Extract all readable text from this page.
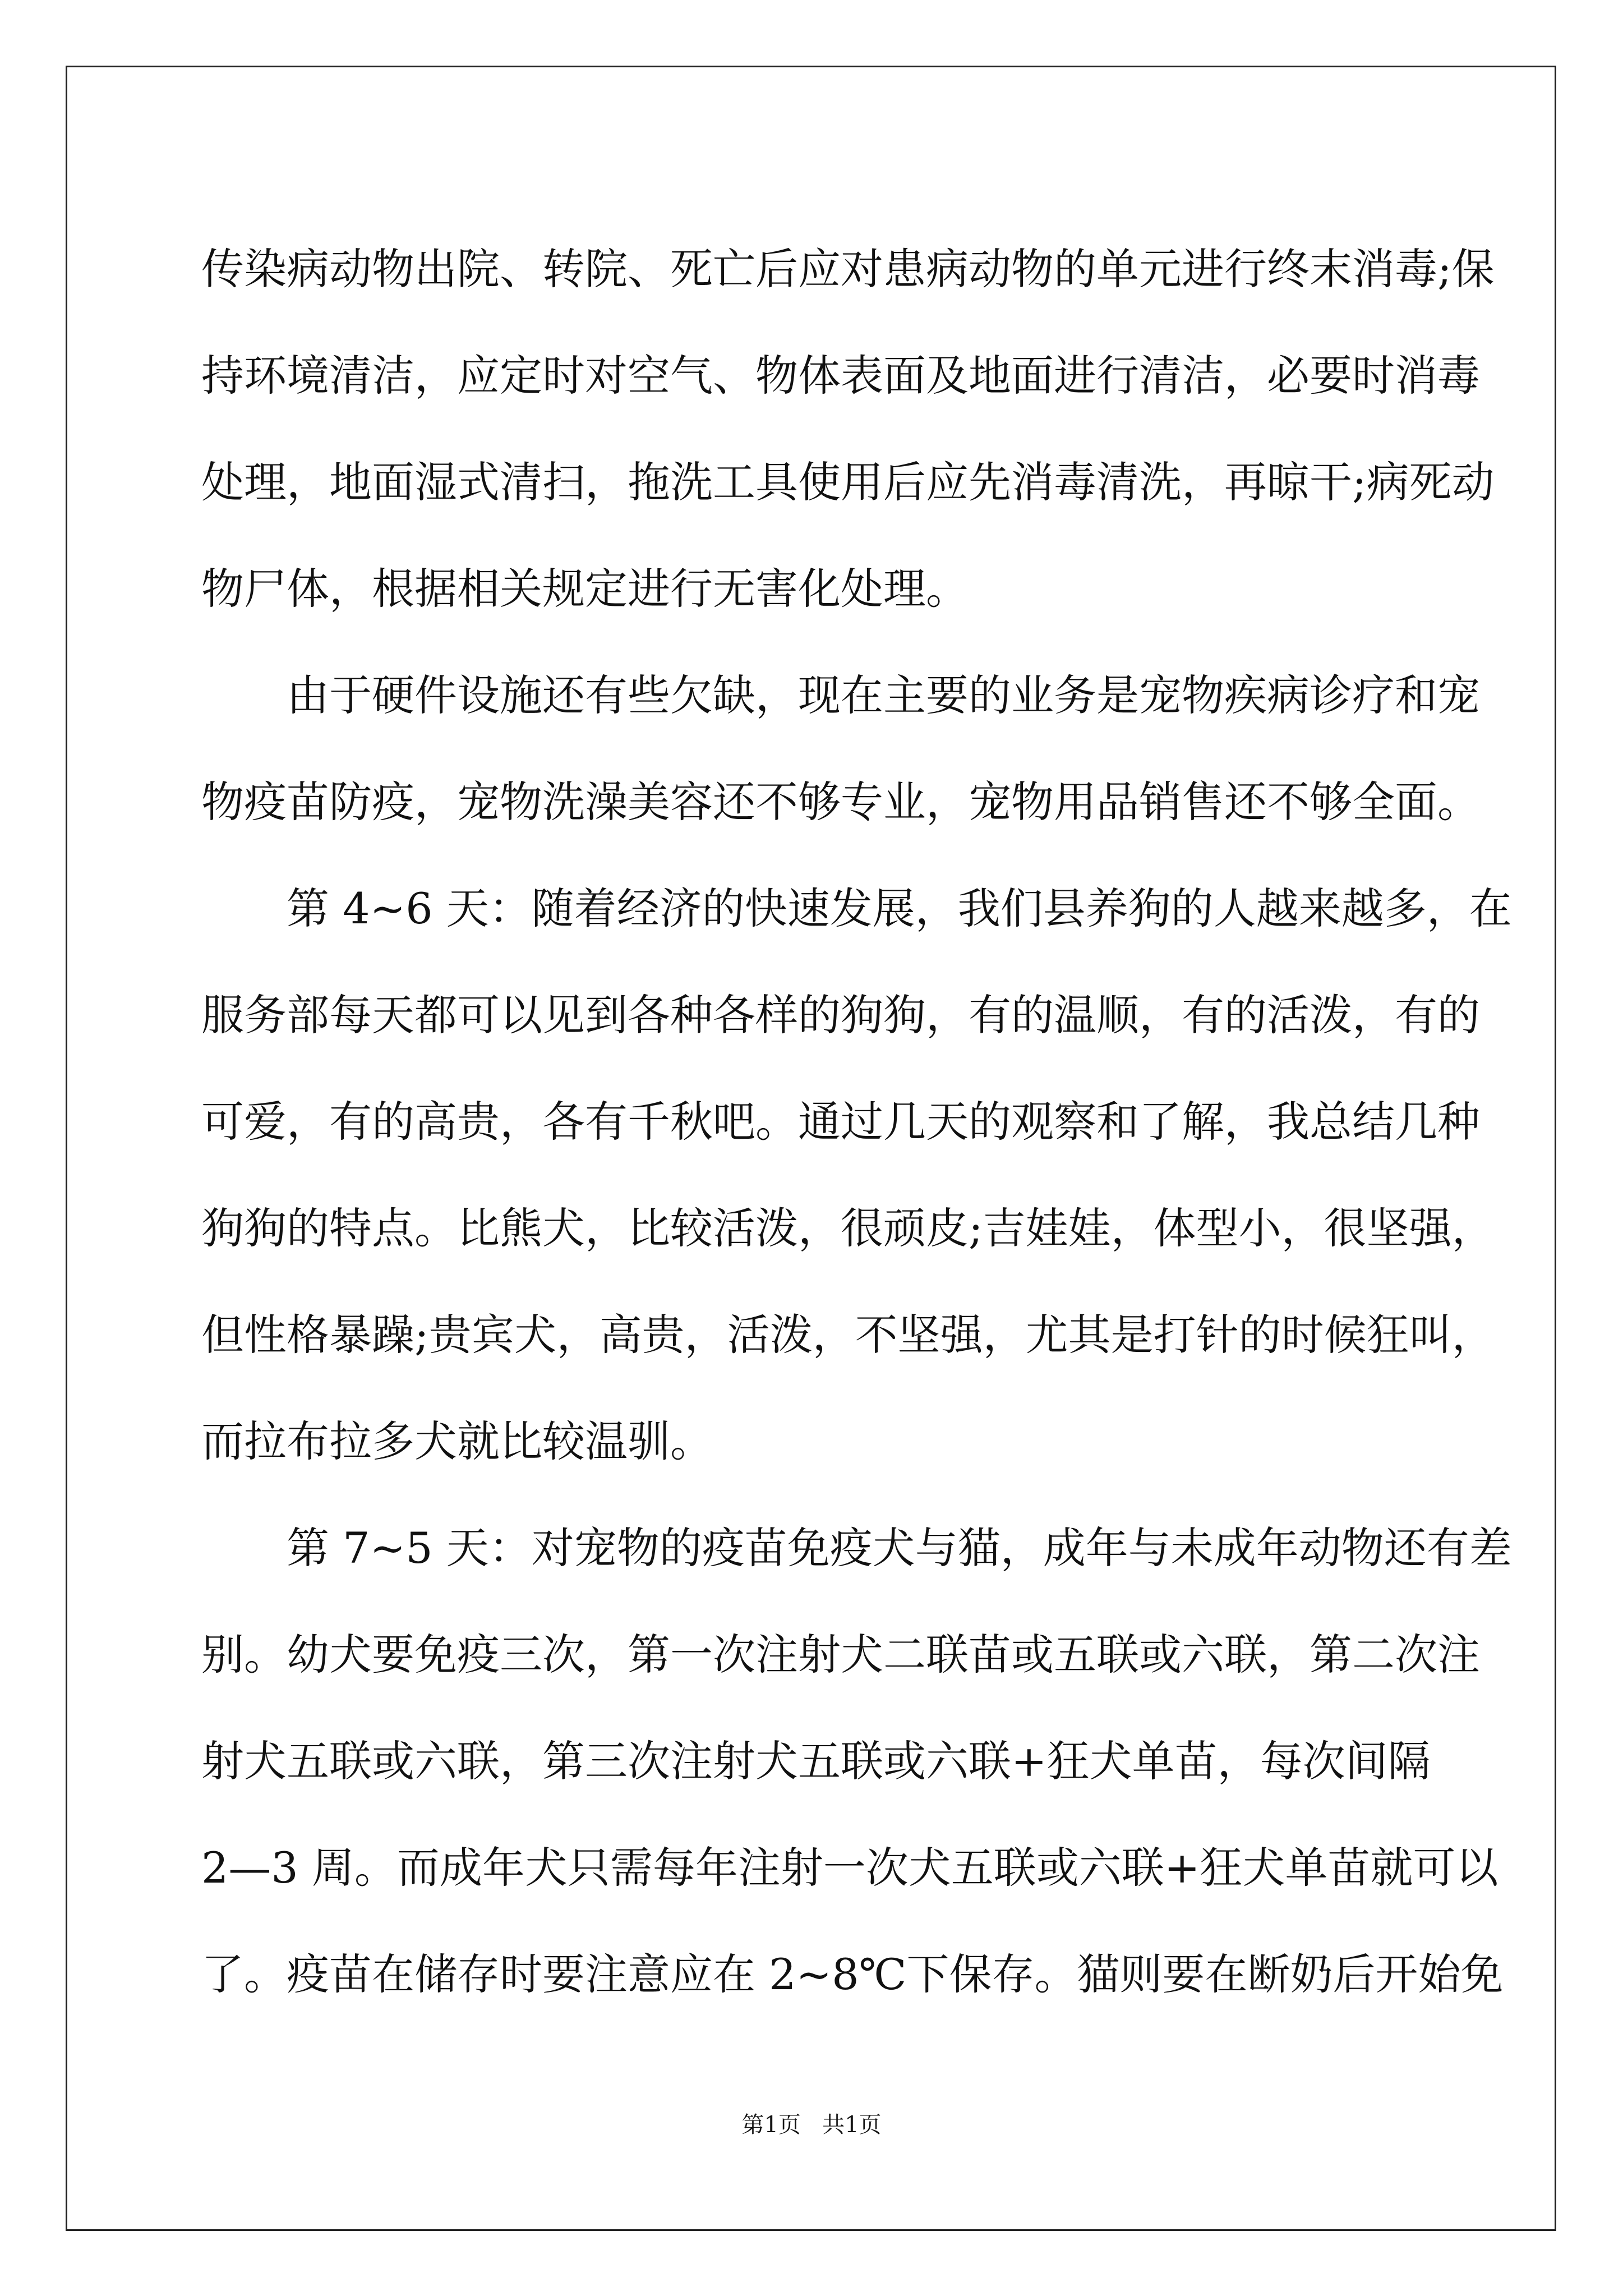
传染病动物出院、转院、死亡后应对患病动物的单元进行终末消毒;保
持环境清洁，应定时对空气、物体表面及地面进行清洁，必要时消毒
处理，地面湿式清扫，拖洗工具使用后应先消毒清洗，再晾干;病死动
物尸体，根据相关规定进行无害化处理。
由于硬件设施还有些欠缺，现在主要的业务是宠物疾病诊疗和宠
物疫苗防疫，宠物洗澡美容还不够专业，宠物用品销售还不够全面。
第 4~6 天：随着经济的快速发展，我们县养狗的人越来越多，在
服务部每天都可以见到各种各样的狗狗，有的温顺，有的活泼，有的
可爱，有的高贵，各有千秋吧。通过几天的观察和了解，我总结几种
狗狗的特点。比熊犬，比较活泼，很顽皮;吉娃娃，体型小，很坚强，
但性格暴躁;贵宾犬，高贵，活泼，不坚强，尤其是打针的时候狂叫，
而拉布拉多犬就比较温驯。
第 7~5 天：对宠物的疫苗免疫犬与猫，成年与未成年动物还有差
别。幼犬要免疫三次，第一次注射犬二联苗或五联或六联，第二次注
射犬五联或六联，第三次注射犬五联或六联+狂犬单苗，每次间隔
2—3 周。而成年犬只需每年注射一次犬五联或六联+狂犬单苗就可以
了。疫苗在储存时要注意应在 2~8℃下保存。猫则要在断奶后开始免
第1页 共1页
